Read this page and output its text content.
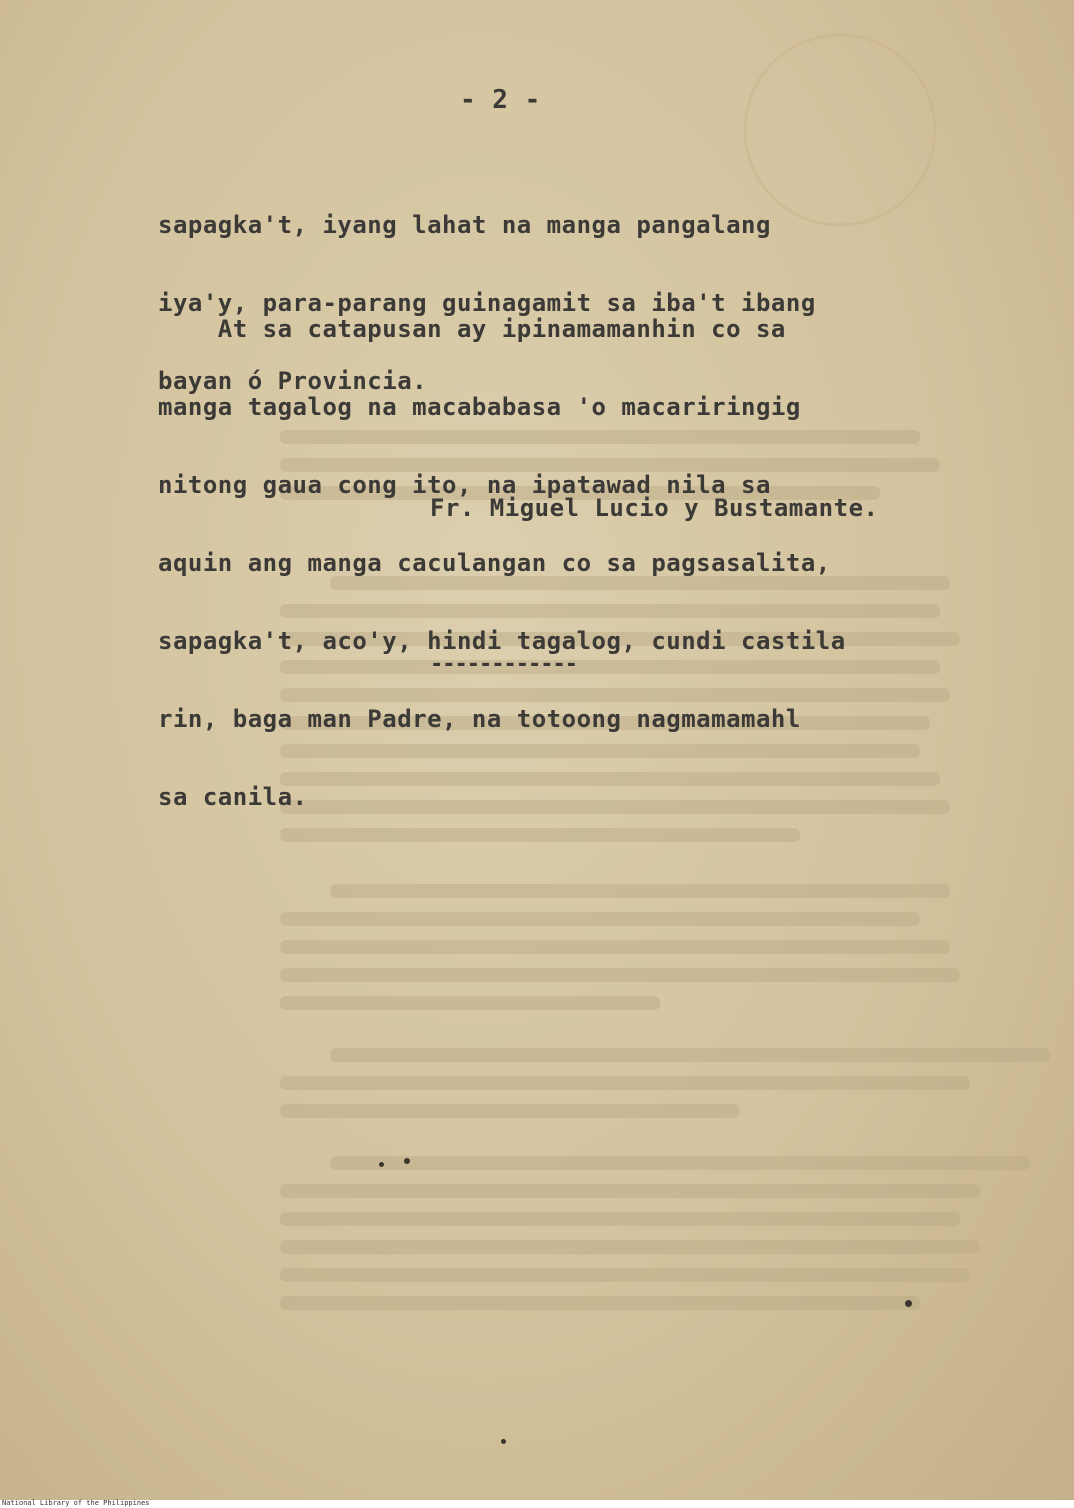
- 2 -

sapagka't, iyang lahat na manga pangalang

iya'y, para-parang guinagamit sa iba't ibang

bayan ó Provincia.

At sa catapusan ay ipinamamanhin co sa

manga tagalog na macababasa 'o macariringig

nitong gaua cong ito, na ipatawad nila sa

aquin ang manga caculangan co sa pagsasalita,

sapagka't, aco'y, hindi tagalog, cundi castila

rin, baga man Padre, na totoong nagmamamahl

sa canila.

Fr. Miguel Lucio y Bustamante.
------------
National Library of the Philippines
